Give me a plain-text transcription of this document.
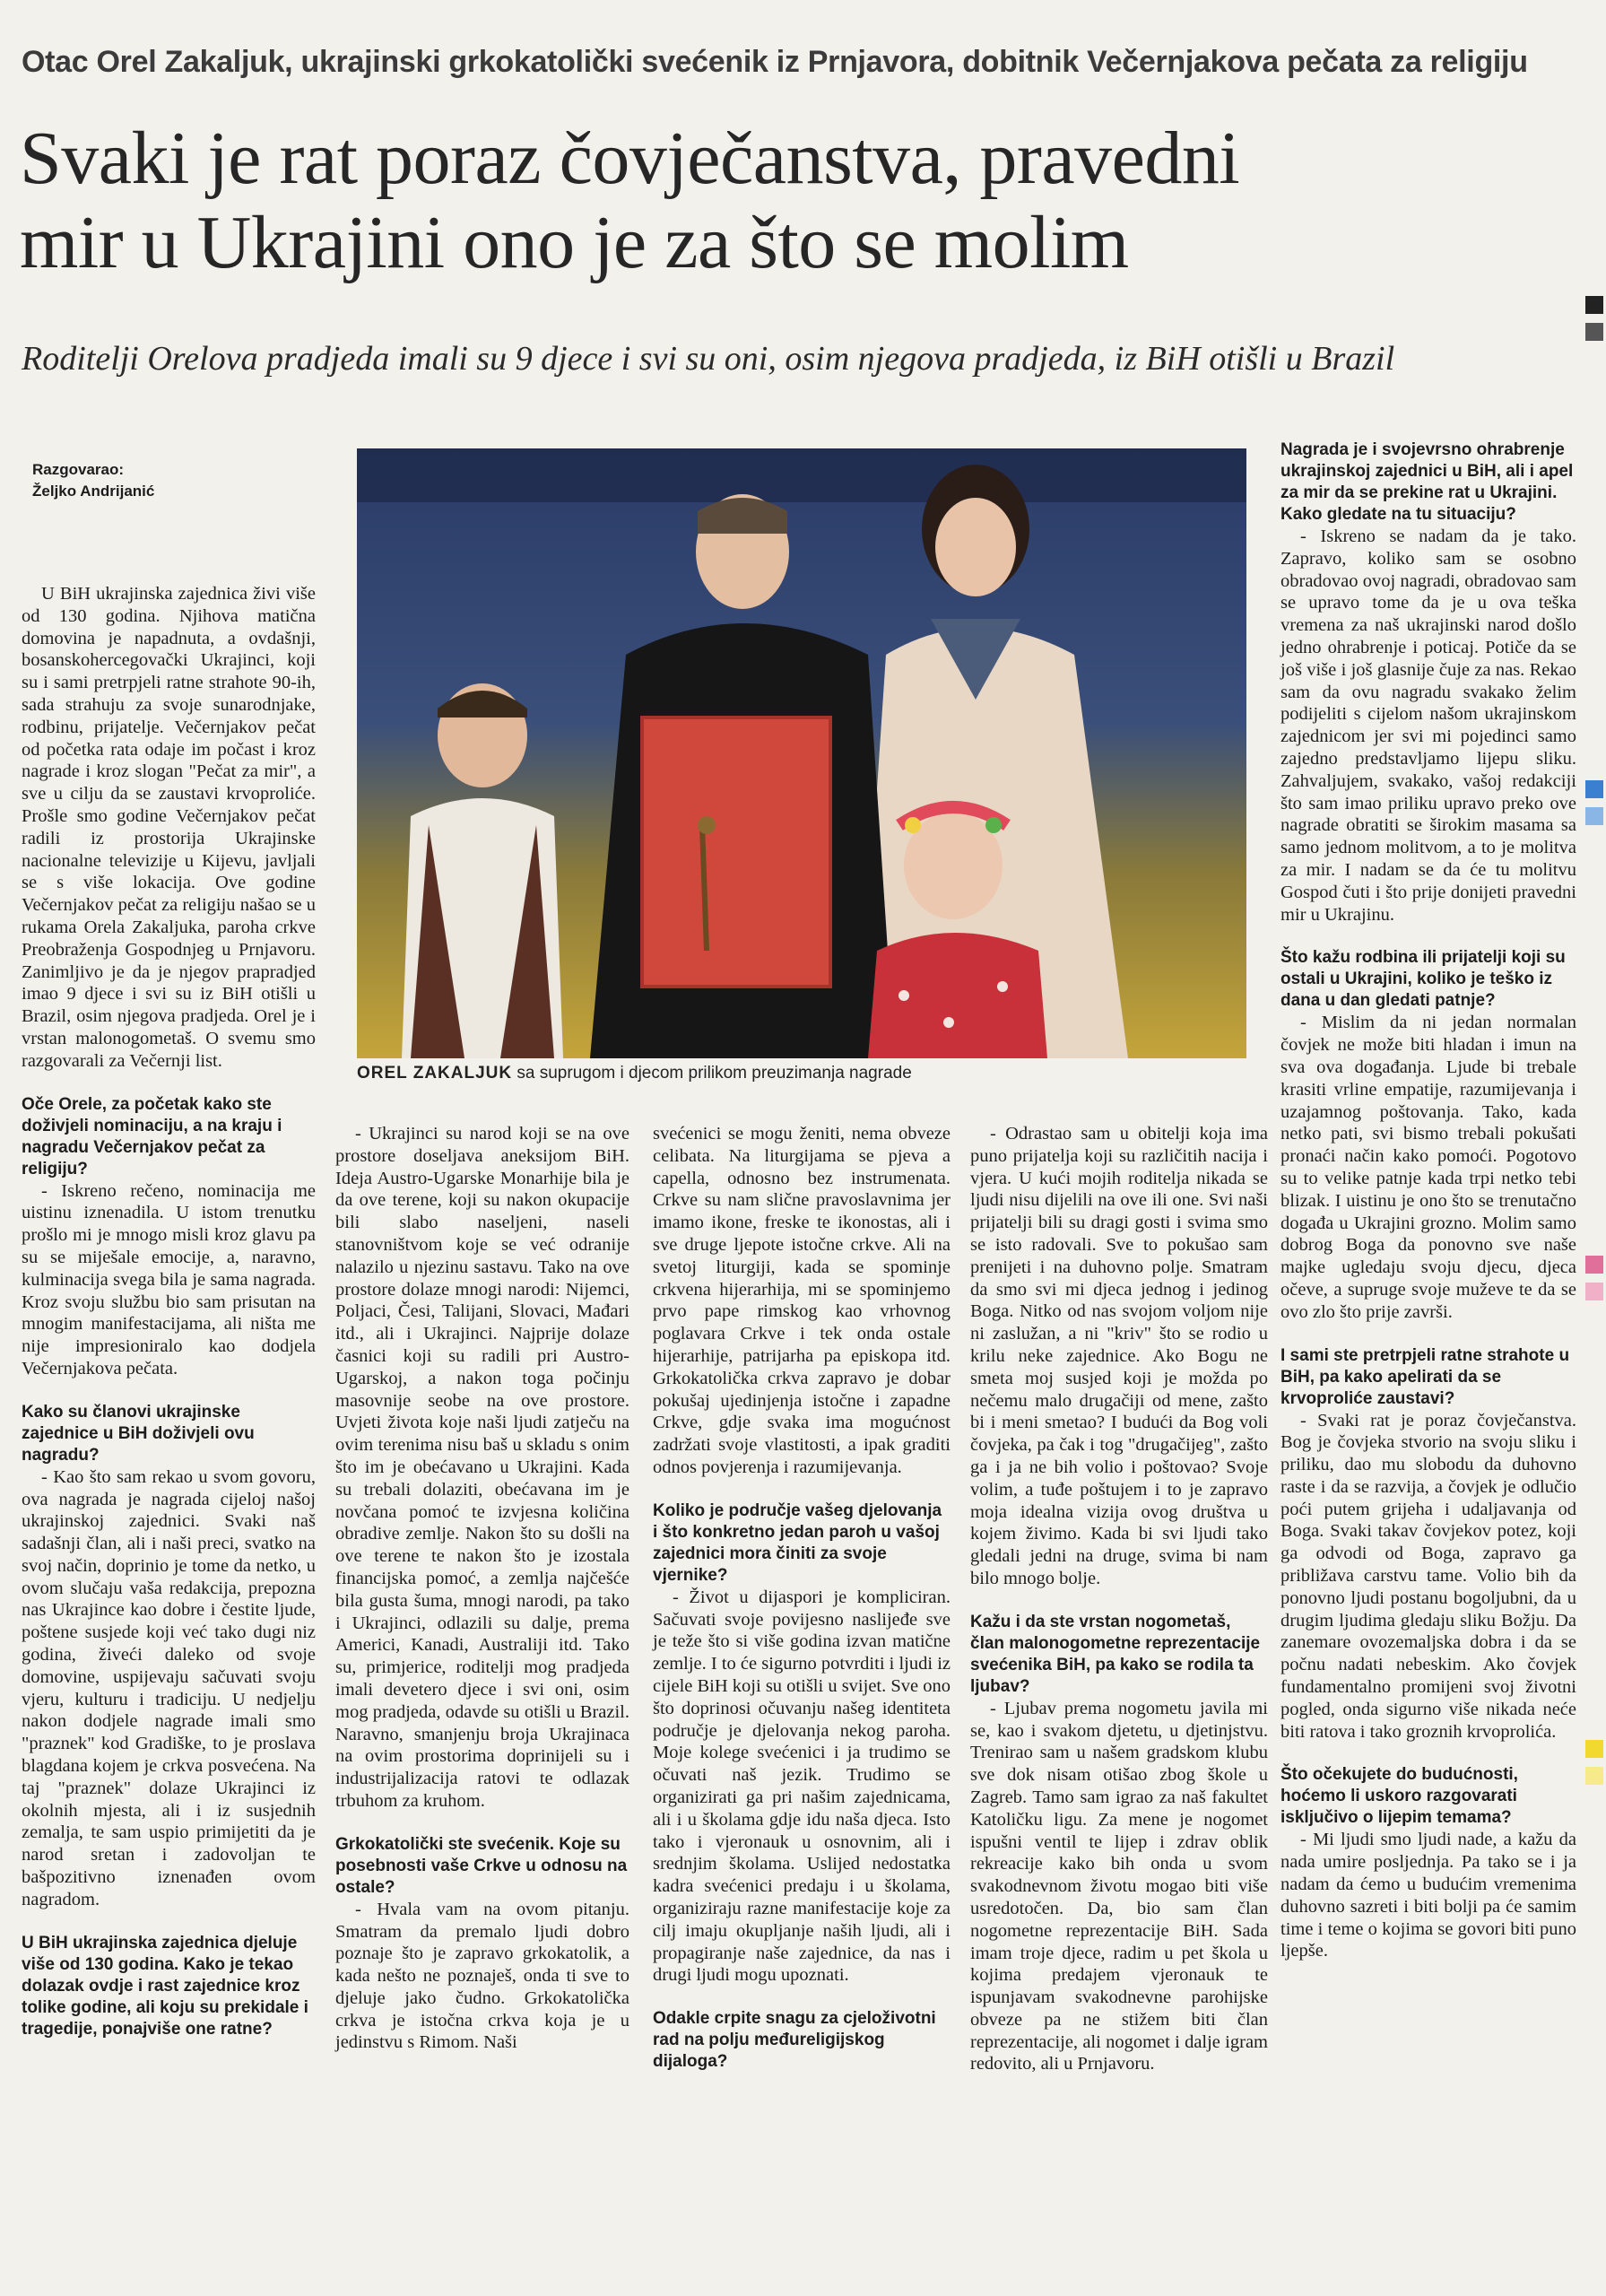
Otac Orel Zakaljuk, ukrajinski grkokatolički svećenik iz Prnjavora, dobitnik Večernjakova pečata za religiju
Svaki je rat poraz čovječanstva, pravedni
mir u Ukrajini ono je za što se molim
Roditelji Orelova pradjeda imali su 9 djece i svi su oni, osim njegova pradjeda, iz BiH otišli u Brazil
Razgovarao:
Željko Andrijanić

U BiH ukrajinska zajednica živi više od 130 godina. Njihova matična domovina je napadnuta, a ovdašnji, bosanskohercegovački Ukrajinci, koji su i sami pretrpjeli ratne strahote 90-ih, sada strahuju za svoje sunarodnjake, rodbinu, prijatelje. Večernjakov pečat od početka rata odaje im počast i kroz nagrade i kroz slogan "Pečat za mir", a sve u cilju da se zaustavi krvoproliće. Prošle smo godine Večernjakov pečat radili iz prostorija Ukrajinske nacionalne televizije u Kijevu, javljali se s više lokacija. Ove godine Večernjakov pečat za religiju našao se u rukama Orela Zakaljuka, paroha crkve Preobraženja Gospodnjeg u Prnjavoru. Zanimljivo je da je njegov prapradjed imao 9 djece i svi su iz BiH otišli u Brazil, osim njegova pradjeda. Orel je i vrstan malonogometaš. O svemu smo razgovarali za Večernji list.

Oče Orele, za početak kako ste doživjeli nominaciju, a na kraju i nagradu Večernjakov pečat za religiju?

- Iskreno rečeno, nominacija me uistinu iznenadila. U istom trenutku prošlo mi je mnogo misli kroz glavu pa su se miješale emocije, a, naravno, kulminacija svega bila je sama nagrada. Kroz svoju službu bio sam prisutan na mnogim manifestacijama, ali ništa me nije impresioniralo kao dodjela Večernjakova pečata.

Kako su članovi ukrajinske zajednice u BiH doživjeli ovu nagradu?

- Kao što sam rekao u svom govoru, ova nagrada je nagrada cijeloj našoj ukrajinskoj zajednici. Svaki naš sadašnji član, ali i naši preci, svatko na svoj način, doprinio je tome da netko, u ovom slučaju vaša redakcija, prepozna nas Ukrajince kao dobre i čestite ljude, poštene susjede koji već tako dugi niz godina, živeći daleko od svoje domovine, uspijevaju sačuvati svoju vjeru, kulturu i tradiciju. U nedjelju nakon dodjele nagrade imali smo "praznek" kod Gradiške, to je proslava blagdana kojem je crkva posvećena. Na taj "praznek" dolaze Ukrajinci iz okolnih mjesta, ali i iz susjednih zemalja, te sam uspio primijetiti da je narod sretan i zadovoljan te bašpozitivno iznenađen ovom nagradom.

U BiH ukrajinska zajednica djeluje više od 130 godina. Kako je tekao dolazak ovdje i rast zajednice kroz tolike godine, ali koju su prekidale i tragedije, ponajviše one ratne?

OREL ZAKALJUK sa suprugom i djecom prilikom preuzimanja nagrade

- Ukrajinci su narod koji se na ove prostore doseljava aneksijom BiH. Ideja Austro-Ugarske Monarhije bila je da ove terene, koji su nakon okupacije bili slabo naseljeni, naseli stanovništvom koje se već odranije nalazilo u njezinu sastavu. Tako na ove prostore dolaze mnogi narodi: Nijemci, Poljaci, Česi, Talijani, Slovaci, Mađari itd., ali i Ukrajinci. Najprije dolaze časnici koji su radili pri Austro-Ugarskoj, a nakon toga počinju masovnije seobe na ove prostore. Uvjeti života koje naši ljudi zatječu na ovim terenima nisu baš u skladu s onim što im je obećavano u Ukrajini. Kada su trebali dolaziti, obećavana im je novčana pomoć te izvjesna količina obradive zemlje. Nakon što su došli na ove terene te nakon što je izostala financijska pomoć, a zemlja najčešće bila gusta šuma, mnogi narodi, pa tako i Ukrajinci, odlazili su dalje, prema Americi, Kanadi, Australiji itd. Tako su, primjerice, roditelji mog pradjeda imali devetero djece i svi oni, osim mog pradjeda, odavde su otišli u Brazil. Naravno, smanjenju broja Ukrajinaca na ovim prostorima doprinijeli su i industrijalizacija ratovi te odlazak trbuhom za kruhom.

Grkokatolički ste svećenik. Koje su posebnosti vaše Crkve u odnosu na ostale?

- Hvala vam na ovom pitanju. Smatram da premalo ljudi dobro poznaje što je zapravo grkokatolik, a kada nešto ne poznaješ, onda ti sve to djeluje jako čudno. Grkokatolička crkva je istočna crkva koja je u jedinstvu s Rimom. Naši

svećenici se mogu ženiti, nema obveze celibata. Na liturgijama se pjeva a capella, odnosno bez instrumenata. Crkve su nam slične pravoslavnima jer imamo ikone, freske te ikonostas, ali i sve druge ljepote istočne crkve. Ali na svetoj liturgiji, kada se spominje crkvena hijerarhija, mi se spominjemo prvo pape rimskog kao vrhovnog poglavara Crkve i tek onda ostale hijerarhije, patrijarha pa episkopa itd. Grkokatolička crkva zapravo je dobar pokušaj ujedinjenja istočne i zapadne Crkve, gdje svaka ima mogućnost zadržati svoje vlastitosti, a ipak graditi odnos povjerenja i razumijevanja.

Koliko je područje vašeg djelovanja i što konkretno jedan paroh u vašoj zajednici mora činiti za svoje vjernike?

- Život u dijaspori je kompliciran. Sačuvati svoje povijesno naslijeđe sve je teže što si više godina izvan matične zemlje. I to će sigurno potvrditi i ljudi iz cijele BiH koji su otišli u svijet. Sve ono što doprinosi očuvanju našeg identiteta područje je djelovanja nekog paroha. Moje kolege svećenici i ja trudimo se očuvati naš jezik. Trudimo se organizirati ga pri našim zajednicama, ali i u školama gdje idu naša djeca. Isto tako i vjeronauk u osnovnim, ali i srednjim školama. Uslijed nedostatka kadra svećenici predaju i u školama, organiziraju razne manifestacije koje za cilj imaju okupljanje naših ljudi, ali i propagiranje naše zajednice, da nas i drugi ljudi mogu upoznati.

Odakle crpite snagu za cjeloživotni rad na polju međureligijskog dijaloga?

- Odrastao sam u obitelji koja ima puno prijatelja koji su različitih nacija i vjera. U kući mojih roditelja nikada se ljudi nisu dijelili na ove ili one. Svi naši prijatelji bili su dragi gosti i svima smo se isto radovali. Sve to pokušao sam prenijeti i na duhovno polje. Smatram da smo svi mi djeca jednog i jedinog Boga. Nitko od nas svojom voljom nije ni zaslužan, a ni "kriv" što se rodio u krilu neke zajednice. Ako Bogu ne smeta moj susjed koji je možda po nečemu malo drugačiji od mene, zašto bi i meni smetao? I budući da Bog voli čovjeka, pa čak i tog "drugačijeg", zašto ga i ja ne bih volio i poštovao? Svoje volim, a tuđe poštujem i to je zapravo moja idealna vizija ovog društva u kojem živimo. Kada bi svi ljudi tako gledali jedni na druge, svima bi nam bilo mnogo bolje.

Kažu i da ste vrstan nogometaš, član malonogometne reprezentacije svećenika BiH, pa kako se rodila ta ljubav?

- Ljubav prema nogometu javila mi se, kao i svakom djetetu, u djetinjstvu. Trenirao sam u našem gradskom klubu sve dok nisam otišao zbog škole u Zagreb. Tamo sam igrao za naš fakultet Katoličku ligu. Za mene je nogomet ispušni ventil te lijep i zdrav oblik rekreacije kako bih onda u svom svakodnevnom životu mogao biti više usredotočen. Da, bio sam član nogometne reprezentacije BiH. Sada imam troje djece, radim u pet škola u kojima predajem vjeronauk te ispunjavam svakodnevne parohijske obveze pa ne stižem biti član reprezentacije, ali nogomet i dalje igram redovito, ali u Prnjavoru.

Nagrada je i svojevrsno ohrabrenje ukrajinskoj zajednici u BiH, ali i apel za mir da se prekine rat u Ukrajini. Kako gledate na tu situaciju?

- Iskreno se nadam da je tako. Zapravo, koliko sam se osobno obradovao ovoj nagradi, obradovao sam se upravo tome da je u ova teška vremena za naš ukrajinski narod došlo jedno ohrabrenje i poticaj. Potiče da se još više i još glasnije čuje za nas. Rekao sam da ovu nagradu svakako želim podijeliti s cijelom našom ukrajinskom zajednicom jer svi mi pojedinci samo zajedno predstavljamo lijepu sliku. Zahvaljujem, svakako, vašoj redakciji što sam imao priliku upravo preko ove nagrade obratiti se širokim masama sa samo jednom molitvom, a to je molitva za mir. I nadam se da će tu molitvu Gospod čuti i što prije donijeti pravedni mir u Ukrajinu.

Što kažu rodbina ili prijatelji koji su ostali u Ukrajini, koliko je teško iz dana u dan gledati patnje?

- Mislim da ni jedan normalan čovjek ne može biti hladan i imun na sva ova događanja. Ljude bi trebale krasiti vrline empatije, razumijevanja i uzajamnog poštovanja. Tako, kada netko pati, svi bismo trebali pokušati pronaći način kako pomoći. Pogotovo su to velike patnje kada trpi netko tebi blizak. I uistinu je ono što se trenutačno događa u Ukrajini grozno. Molim samo dobrog Boga da ponovno sve naše majke ugledaju svoju djecu, djeca očeve, a supruge svoje muževe te da se ovo zlo što prije završi.

I sami ste pretrpjeli ratne strahote u BiH, pa kako apelirati da se krvoproliće zaustavi?

- Svaki rat je poraz čovječanstva. Bog je čovjeka stvorio na svoju sliku i priliku, dao mu slobodu da duhovno raste i da se razvija, a čovjek je odlučio poći putem grijeha i udaljavanja od Boga. Svaki takav čovjekov potez, koji ga odvodi od Boga, zapravo ga približava carstvu tame. Volio bih da ponovno ljudi postanu bogoljubni, da u drugim ljudima gledaju sliku Božju. Da zanemare ovozemaljska dobra i da se počnu nadati nebeskim. Ako čovjek fundamentalno promijeni svoj životni pogled, onda sigurno više nikada neće biti ratova i tako groznih krvoprolića.

Što očekujete do budućnosti, hoćemo li uskoro razgovarati isključivo o lijepim temama?

- Mi ljudi smo ljudi nade, a kažu da nada umire posljednja. Pa tako se i ja nadam da ćemo u budućim vremenima duhovno sazreti i biti bolji pa će samim time i teme o kojima se govori biti puno ljepše.
